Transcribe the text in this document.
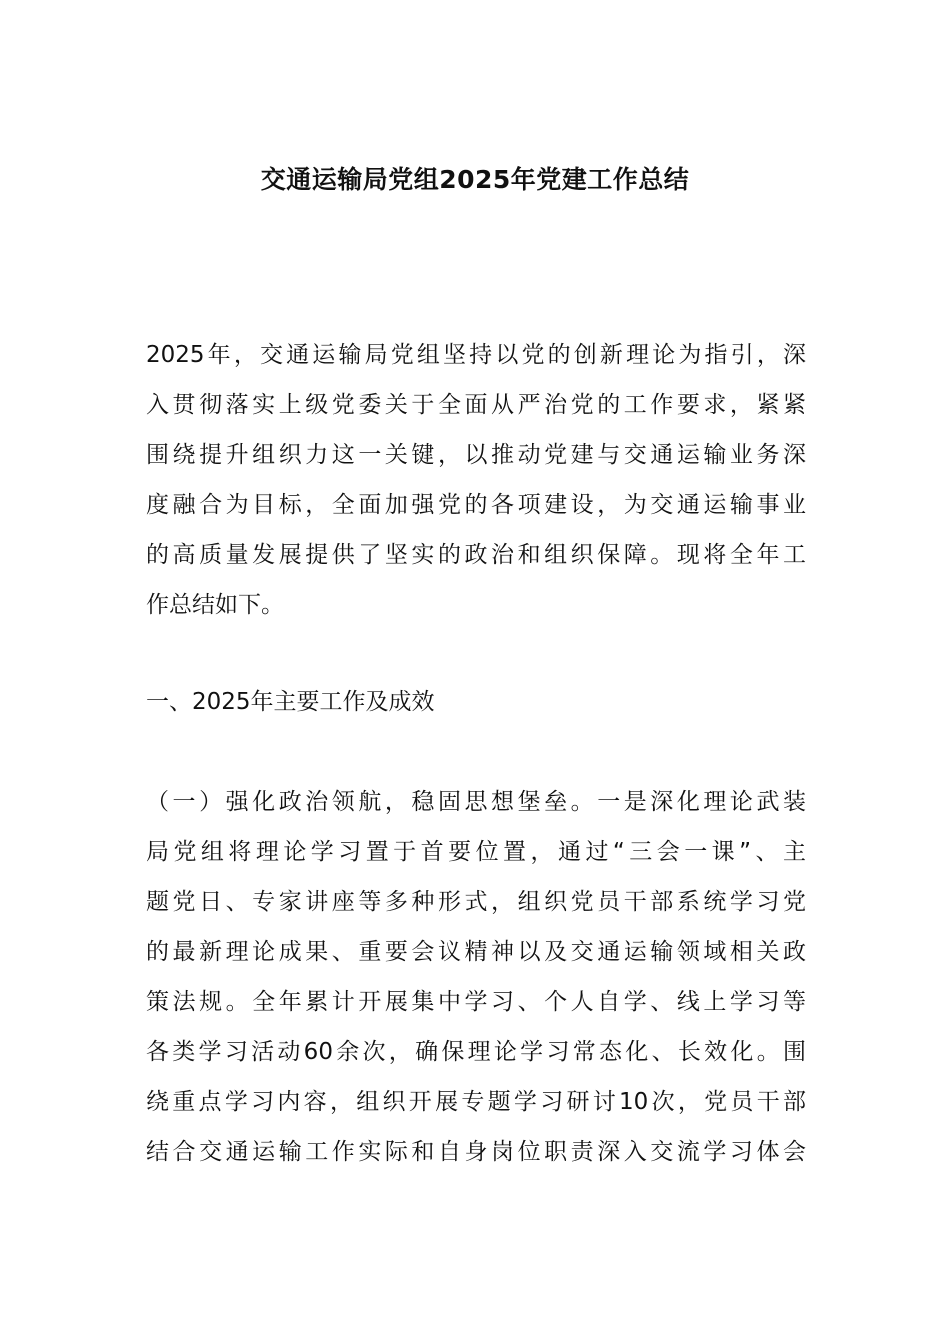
交通运输局党组2025年党建工作总结
2025年，交通运输局党组坚持以党的创新理论为指引，深
入贯彻落实上级党委关于全面从严治党的工作要求，紧紧
围绕提升组织力这一关键，以推动党建与交通运输业务深
度融合为目标，全面加强党的各项建设，为交通运输事业
的高质量发展提供了坚实的政治和组织保障。现将全年工
作总结如下。
一、2025年主要工作及成效
（一）强化政治领航，稳固思想堡垒。一是深化理论武装
局党组将理论学习置于首要位置，通过“三会一课”、主
题党日、专家讲座等多种形式，组织党员干部系统学习党
的最新理论成果、重要会议精神以及交通运输领域相关政
策法规。全年累计开展集中学习、个人自学、线上学习等
各类学习活动60余次，确保理论学习常态化、长效化。围
绕重点学习内容，组织开展专题学习研讨10次，党员干部
结合交通运输工作实际和自身岗位职责深入交流学习体会
